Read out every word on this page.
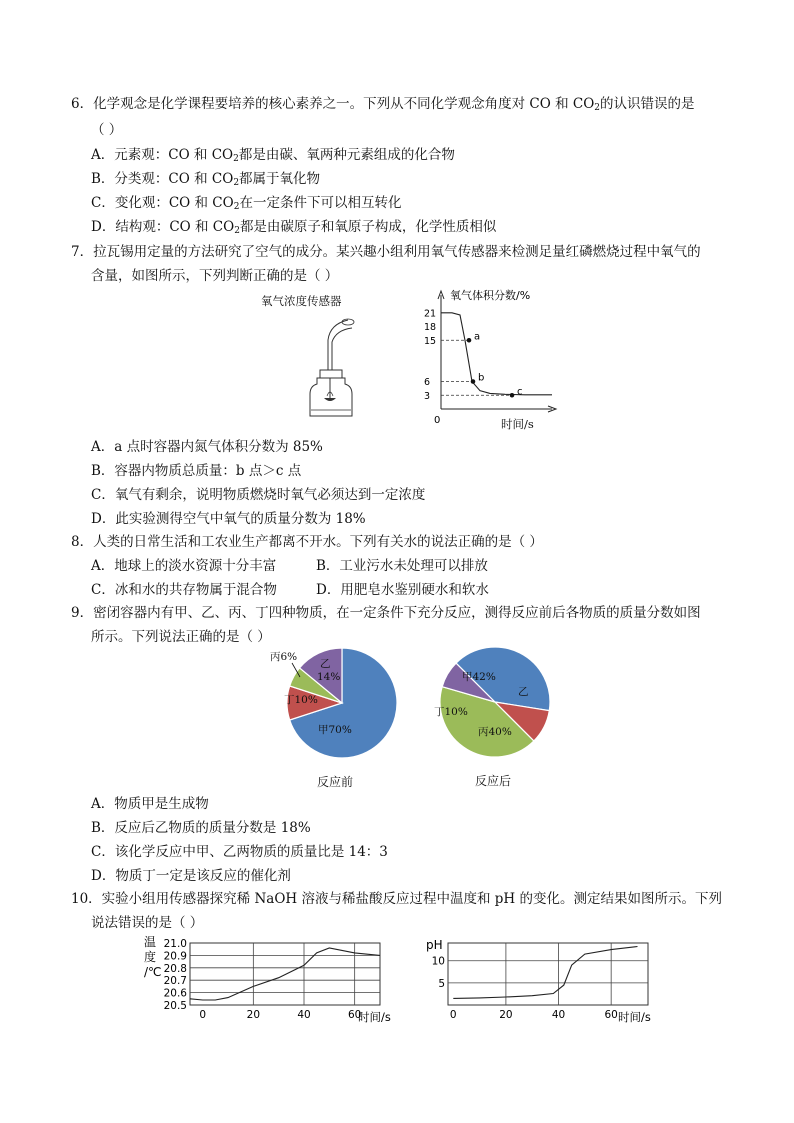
6．化学观念是化学课程要培养的核心素养之一。下列从不同化学观念角度对 CO 和 $CO_2$的认识错误的是
（ ）
A．元素观：CO 和 $CO_2$都是由碳、氧两种元素组成的化合物
B．分类观：CO 和 $CO_2$都属于氧化物
C．变化观：CO 和 $CO_2$在一定条件下可以相互转化
D．结构观：CO 和 $CO_2$都是由碳原子和氧原子构成，化学性质相似
7．拉瓦锡用定量的方法研究了空气的成分。某兴趣小组利用氧气传感器来检测足量红磷燃烧过程中氧气的
含量，如图所示，下列判断正确的是（ ）
氧气浓度传感器	氧气体积分数/%
0
3
6
15
18
21
a
b
c
时间/s
A．a 点时容器内氮气体积分数为 85%
B．容器内物质总质量：b 点＞c 点
C．氧气有剩余，说明物质燃烧时氧气必须达到一定浓度
D．此实验测得空气中氧气的质量分数为 18%
8．人类的日常生活和工农业生产都离不开水。下列有关水的说法正确的是（ ）
A．地球上的淡水资源十分丰富	B．工业污水未处理可以排放
C．冰和水的共存物属于混合物	D．用肥皂水鉴别硬水和软水
9．密闭容器内有甲、乙、丙、丁四种物质，在一定条件下充分反应，测得反应前后各物质的质量分数如图
所示。下列说法正确的是（ ）
甲70%
丁10%
丙6%
乙
14%	甲42%
乙
丙40%
丁10%
反应前	反应后
A．物质甲是生成物
B．反应后乙物质的质量分数是 18%
C．该化学反应中甲、乙两物质的质量比是 14：3
D．物质丁一定是该反应的催化剂
10．实验小组用传感器探究稀 NaOH 溶液与稀盐酸反应过程中温度和 pH 的变化。测定结果如图所示。下列
说法错误的是（ ）
温
度
/℃
21.0
20.9
20.8
20.7
20.6
20.5
0	20	40	60
时间/s
pH
10
5
0	20	40	60 时间/s
